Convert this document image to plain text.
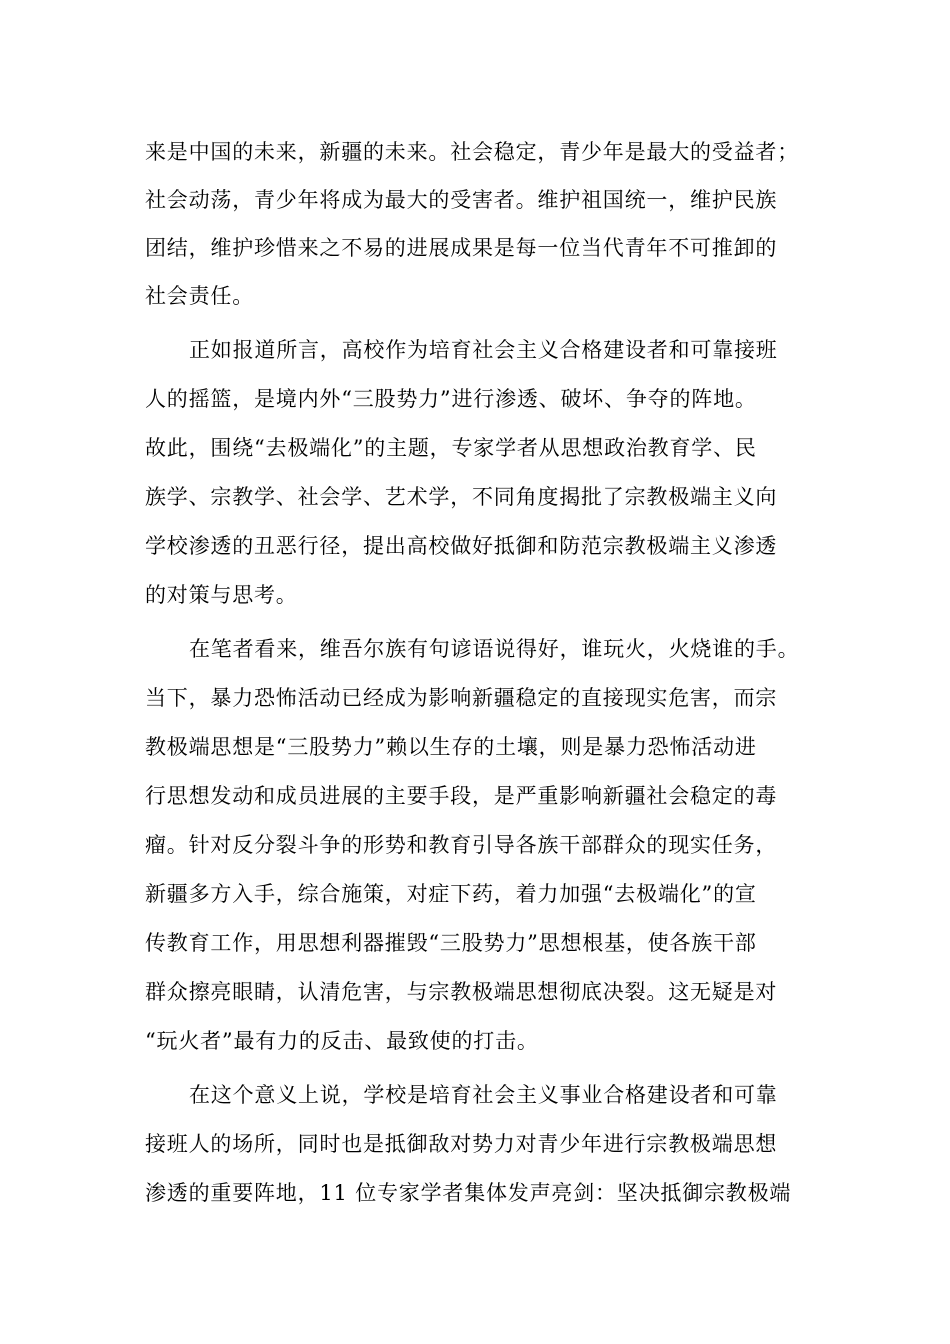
来是中国的未来，新疆的未来。社会稳定，青少年是最大的受益者；
社会动荡，青少年将成为最大的受害者。维护祖国统一，维护民族
团结，维护珍惜来之不易的进展成果是每一位当代青年不可推卸的
社会责任。
正如报道所言，高校作为培育社会主义合格建设者和可靠接班
人的摇篮，是境内外“三股势力”进行渗透、破坏、争夺的阵地。
故此，围绕“去极端化”的主题，专家学者从思想政治教育学、民
族学、宗教学、社会学、艺术学，不同角度揭批了宗教极端主义向
学校渗透的丑恶行径，提出高校做好抵御和防范宗教极端主义渗透
的对策与思考。
在笔者看来，维吾尔族有句谚语说得好，谁玩火，火烧谁的手。
当下，暴力恐怖活动已经成为影响新疆稳定的直接现实危害，而宗
教极端思想是“三股势力”赖以生存的土壤，则是暴力恐怖活动进
行思想发动和成员进展的主要手段，是严重影响新疆社会稳定的毒
瘤。针对反分裂斗争的形势和教育引导各族干部群众的现实任务，
新疆多方入手，综合施策，对症下药，着力加强“去极端化”的宣
传教育工作，用思想利器摧毁“三股势力”思想根基，使各族干部
群众擦亮眼睛，认清危害，与宗教极端思想彻底决裂。这无疑是对
“玩火者”最有力的反击、最致使的打击。
在这个意义上说，学校是培育社会主义事业合格建设者和可靠
接班人的场所，同时也是抵御敌对势力对青少年进行宗教极端思想
渗透的重要阵地，11 位专家学者集体发声亮剑：坚决抵御宗教极端
